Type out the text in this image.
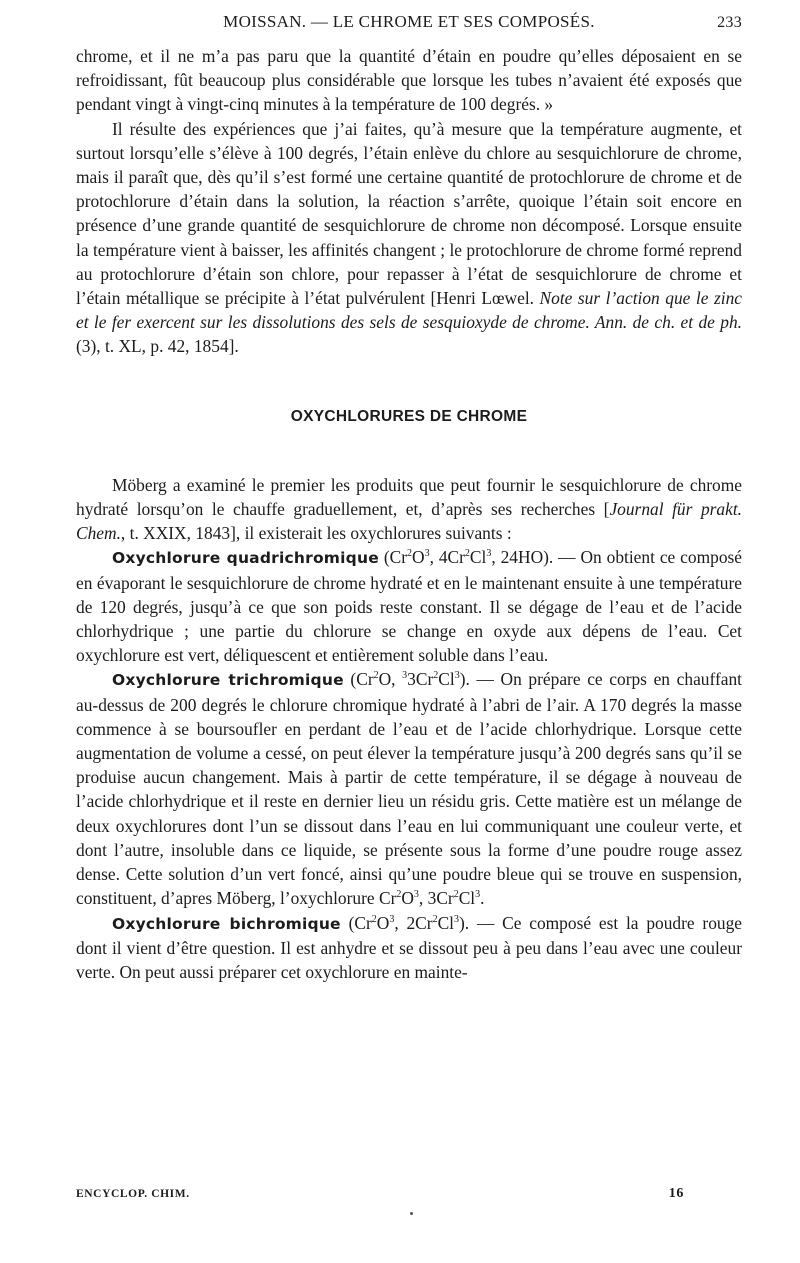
MOISSAN. — LE CHROME ET SES COMPOSÉS.	233

chrome, et il ne m’a pas paru que la quantité d’étain en poudre qu’elles déposaient en se refroidissant, fût beaucoup plus considérable que lorsque les tubes n’avaient été exposés que pendant vingt à vingt-cinq minutes à la température de 100 degrés. »

Il résulte des expériences que j’ai faites, qu’à mesure que la température augmente, et surtout lorsqu’elle s’élève à 100 degrés, l’étain enlève du chlore au sesquichlorure de chrome, mais il paraît que, dès qu’il s’est formé une certaine quantité de protochlorure de chrome et de protochlorure d’étain dans la solution, la réaction s’arrête, quoique l’étain soit encore en présence d’une grande quantité de sesquichlorure de chrome non décomposé. Lorsque ensuite la température vient à baisser, les affinités changent ; le protochlorure de chrome formé reprend au protochlorure d’étain son chlore, pour repasser à l’état de sesquichlorure de chrome et l’étain métallique se précipite à l’état pulvérulent [Henri Lœwel. Note sur l’action que le zinc et le fer exercent sur les dissolutions des sels de sesquioxyde de chrome. Ann. de ch. et de ph. (3), t. XL, p. 42, 1854].

OXYCHLORURES DE CHROME

Möberg a examiné le premier les produits que peut fournir le sesquichlorure de chrome hydraté lorsqu’on le chauffe graduellement, et, d’après ses recherches [Journal für prakt. Chem., t. XXIX, 1843], il existerait les oxychlorures suivants :

Oxychlorure quadrichromique ($Cr^2O^3$, 4Cr$^2$Cl$^3$, 24HO). — On obtient ce composé en évaporant le sesquichlorure de chrome hydraté et en le maintenant ensuite à une température de 120 degrés, jusqu’à ce que son poids reste constant. Il se dégage de l’eau et de l’acide chlorhydrique ; une partie du chlorure se change en oxyde aux dépens de l’eau. Cet oxychlorure est vert, déliquescent et entièrement soluble dans l’eau.

Oxychlorure trichromique (Cr$^2$O, $^3$3Cr$^2$Cl$^3$). — On prépare ce corps en chauffant au-dessus de 200 degrés le chlorure chromique hydraté à l’abri de l’air. A 170 degrés la masse commence à se boursoufler en perdant de l’eau et de l’acide chlorhydrique. Lorsque cette augmentation de volume a cessé, on peut élever la température jusqu’à 200 degrés sans qu’il se produise aucun changement. Mais à partir de cette température, il se dégage à nouveau de l’acide chlorhydrique et il reste en dernier lieu un résidu gris. Cette matière est un mélange de deux oxychlorures dont l’un se dissout dans l’eau en lui communiquant une couleur verte, et dont l’autre, insoluble dans ce liquide, se présente sous la forme d’une poudre rouge assez dense. Cette solution d’un vert foncé, ainsi qu’une poudre bleue qui se trouve en suspension, constituent, d’apres Möberg, l’oxychlorure $Cr^2O^3$, 3Cr$^2$Cl$^3$.

Oxychlorure bichromique ($Cr^2O^3$, 2Cr$^2$Cl$^3$). — Ce composé est la poudre rouge dont il vient d’être question. Il est anhydre et se dissout peu à peu dans l’eau avec une couleur verte. On peut aussi préparer cet oxychlorure en mainte-

ENCYCLOP. CHIM.	16
